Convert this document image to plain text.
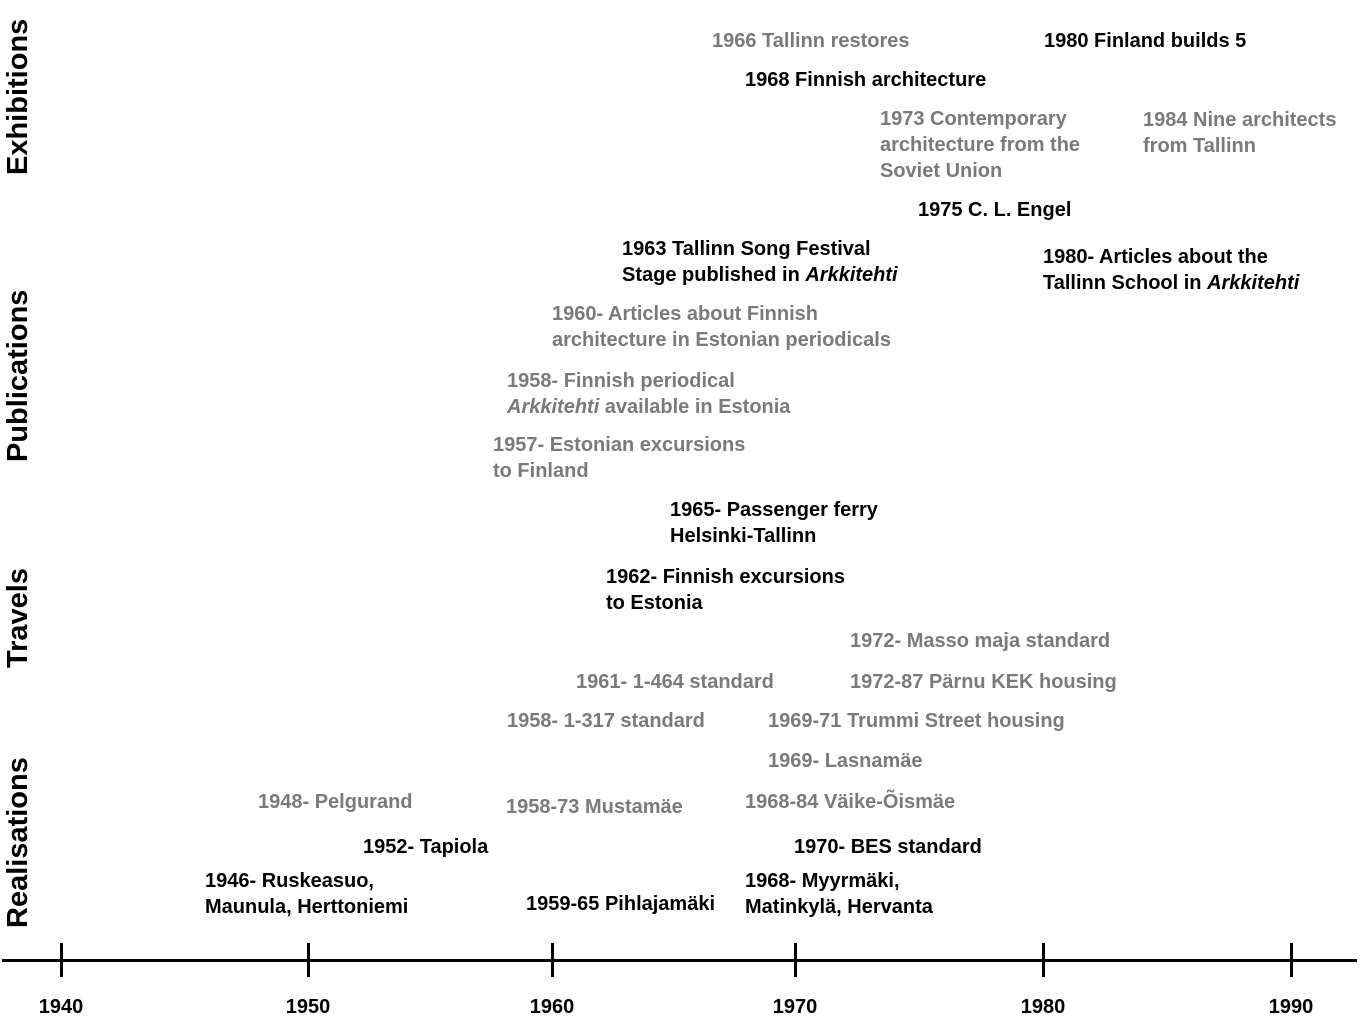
Exhibitions
Publications
Travels
Realisations
1966 Tallinn restores	1980 Finland builds 5
1968 Finnish architecture
1973 Contemporary
architecture from the
Soviet Union
1984 Nine architects
from Tallinn
1975 C. L. Engel
1963 Tallinn Song Festival
Stage published in Arkkitehti
1980- Articles about the
Tallinn School in Arkkitehti
1960- Articles about Finnish
architecture in Estonian periodicals
1958- Finnish periodical
Arkkitehti available in Estonia
1957- Estonian excursions
to Finland
1965- Passenger ferry
Helsinki-Tallinn
1962- Finnish excursions
to Estonia
1972- Masso maja standard
1961- 1-464 standard	1972-87 Pärnu KEK housing
1958- 1-317 standard	1969-71 Trummi Street housing
1969- Lasnamäe
1948- Pelgurand	1958-73 Mustamäe	1968-84 Väike-Õismäe
1952- Tapiola	1970- BES standard
1946- Ruskeasuo,
Maunula, Herttoniemi	1959-65 Pihlajamäki
1968- Myyrmäki,
Matinkylä, Hervanta
1940	1950	1960	1970	1980	1990
